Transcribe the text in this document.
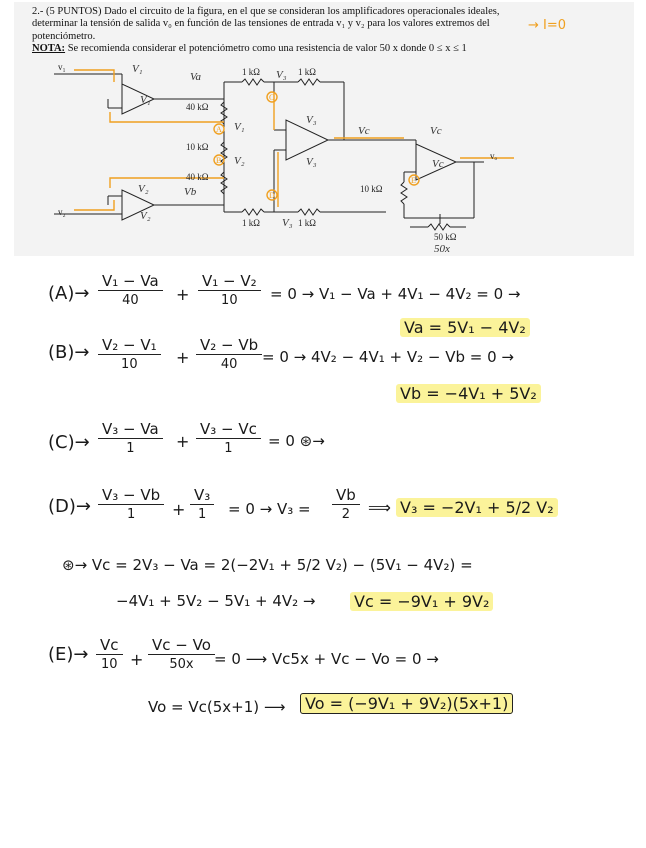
2.- (5 PUNTOS) Dado el circuito de la figura, en el que se consideran los amplificadores operacionales ideales,
determinar la tensión de salida v₀ en función de las tensiones de entrada v₁ y v₂ para los valores extremos del
potenciómetro.
NOTA: Se recomienda considerar el potenciómetro como una resistencia de valor 50 x donde 0 ≤ x ≤ 1
v₁
v₂
vₒ
1 kΩ	1 kΩ
40 kΩ
10 kΩ
40 kΩ
1 kΩ	1 kΩ
10 kΩ
50 kΩ
V₁
Va	V₃
V₁
V₃
Vc	Vc
V₁
V₂	V₃	Vc
V₂	Vb
V₂
V₃
50x
C
A
B
D
E
→ I=0
$(A)\to \frac{\text{V₁ − Va}}{40} + \frac{\text{V₁ − V₂}}{10} = 0 \to V_1 - Va + 4V_1 - 4V_2 = 0$ →
Va = 5V₁ − 4V₂
$(B)\to \frac{\text{V₂ − V₁}}{10} + \frac{\text{V₂ − Vb}}{40} = 0 \to 4V_2 - 4V_1 + V_2 - Vb = 0$ →
Vb = −4V₁ + 5V₂
$(C)\to \frac{\text{V₃ − Va}}{1} + \frac{\text{V₃ − Vc}}{1} = 0$ ⊛→
$(D)\to \frac{\text{V₃ − Vb}}{1} + \frac{\text{V₃}}{1} = 0 \to V_3 = \frac{Vb}{2}$ ⟹ V₃ = −2V₁ + 5/2 V₂
⊛→ Vc = 2V₃ − Va = 2(−2V₁ + 5/2 V₂) − (5V₁ − 4V₂) =
−4V₁ + 5V₂ − 5V₁ + 4V₂ → Vc = −9V₁ + 9V₂
$(E)\to \frac{Vc}{10} + \frac{Vc - Vo}{50x} = 0$ ⟶ Vc5x + Vc − Vo = 0 →
Vo = Vc(5x+1) ⟶	Vo = (−9V₁ + 9V₂)(5x+1)
